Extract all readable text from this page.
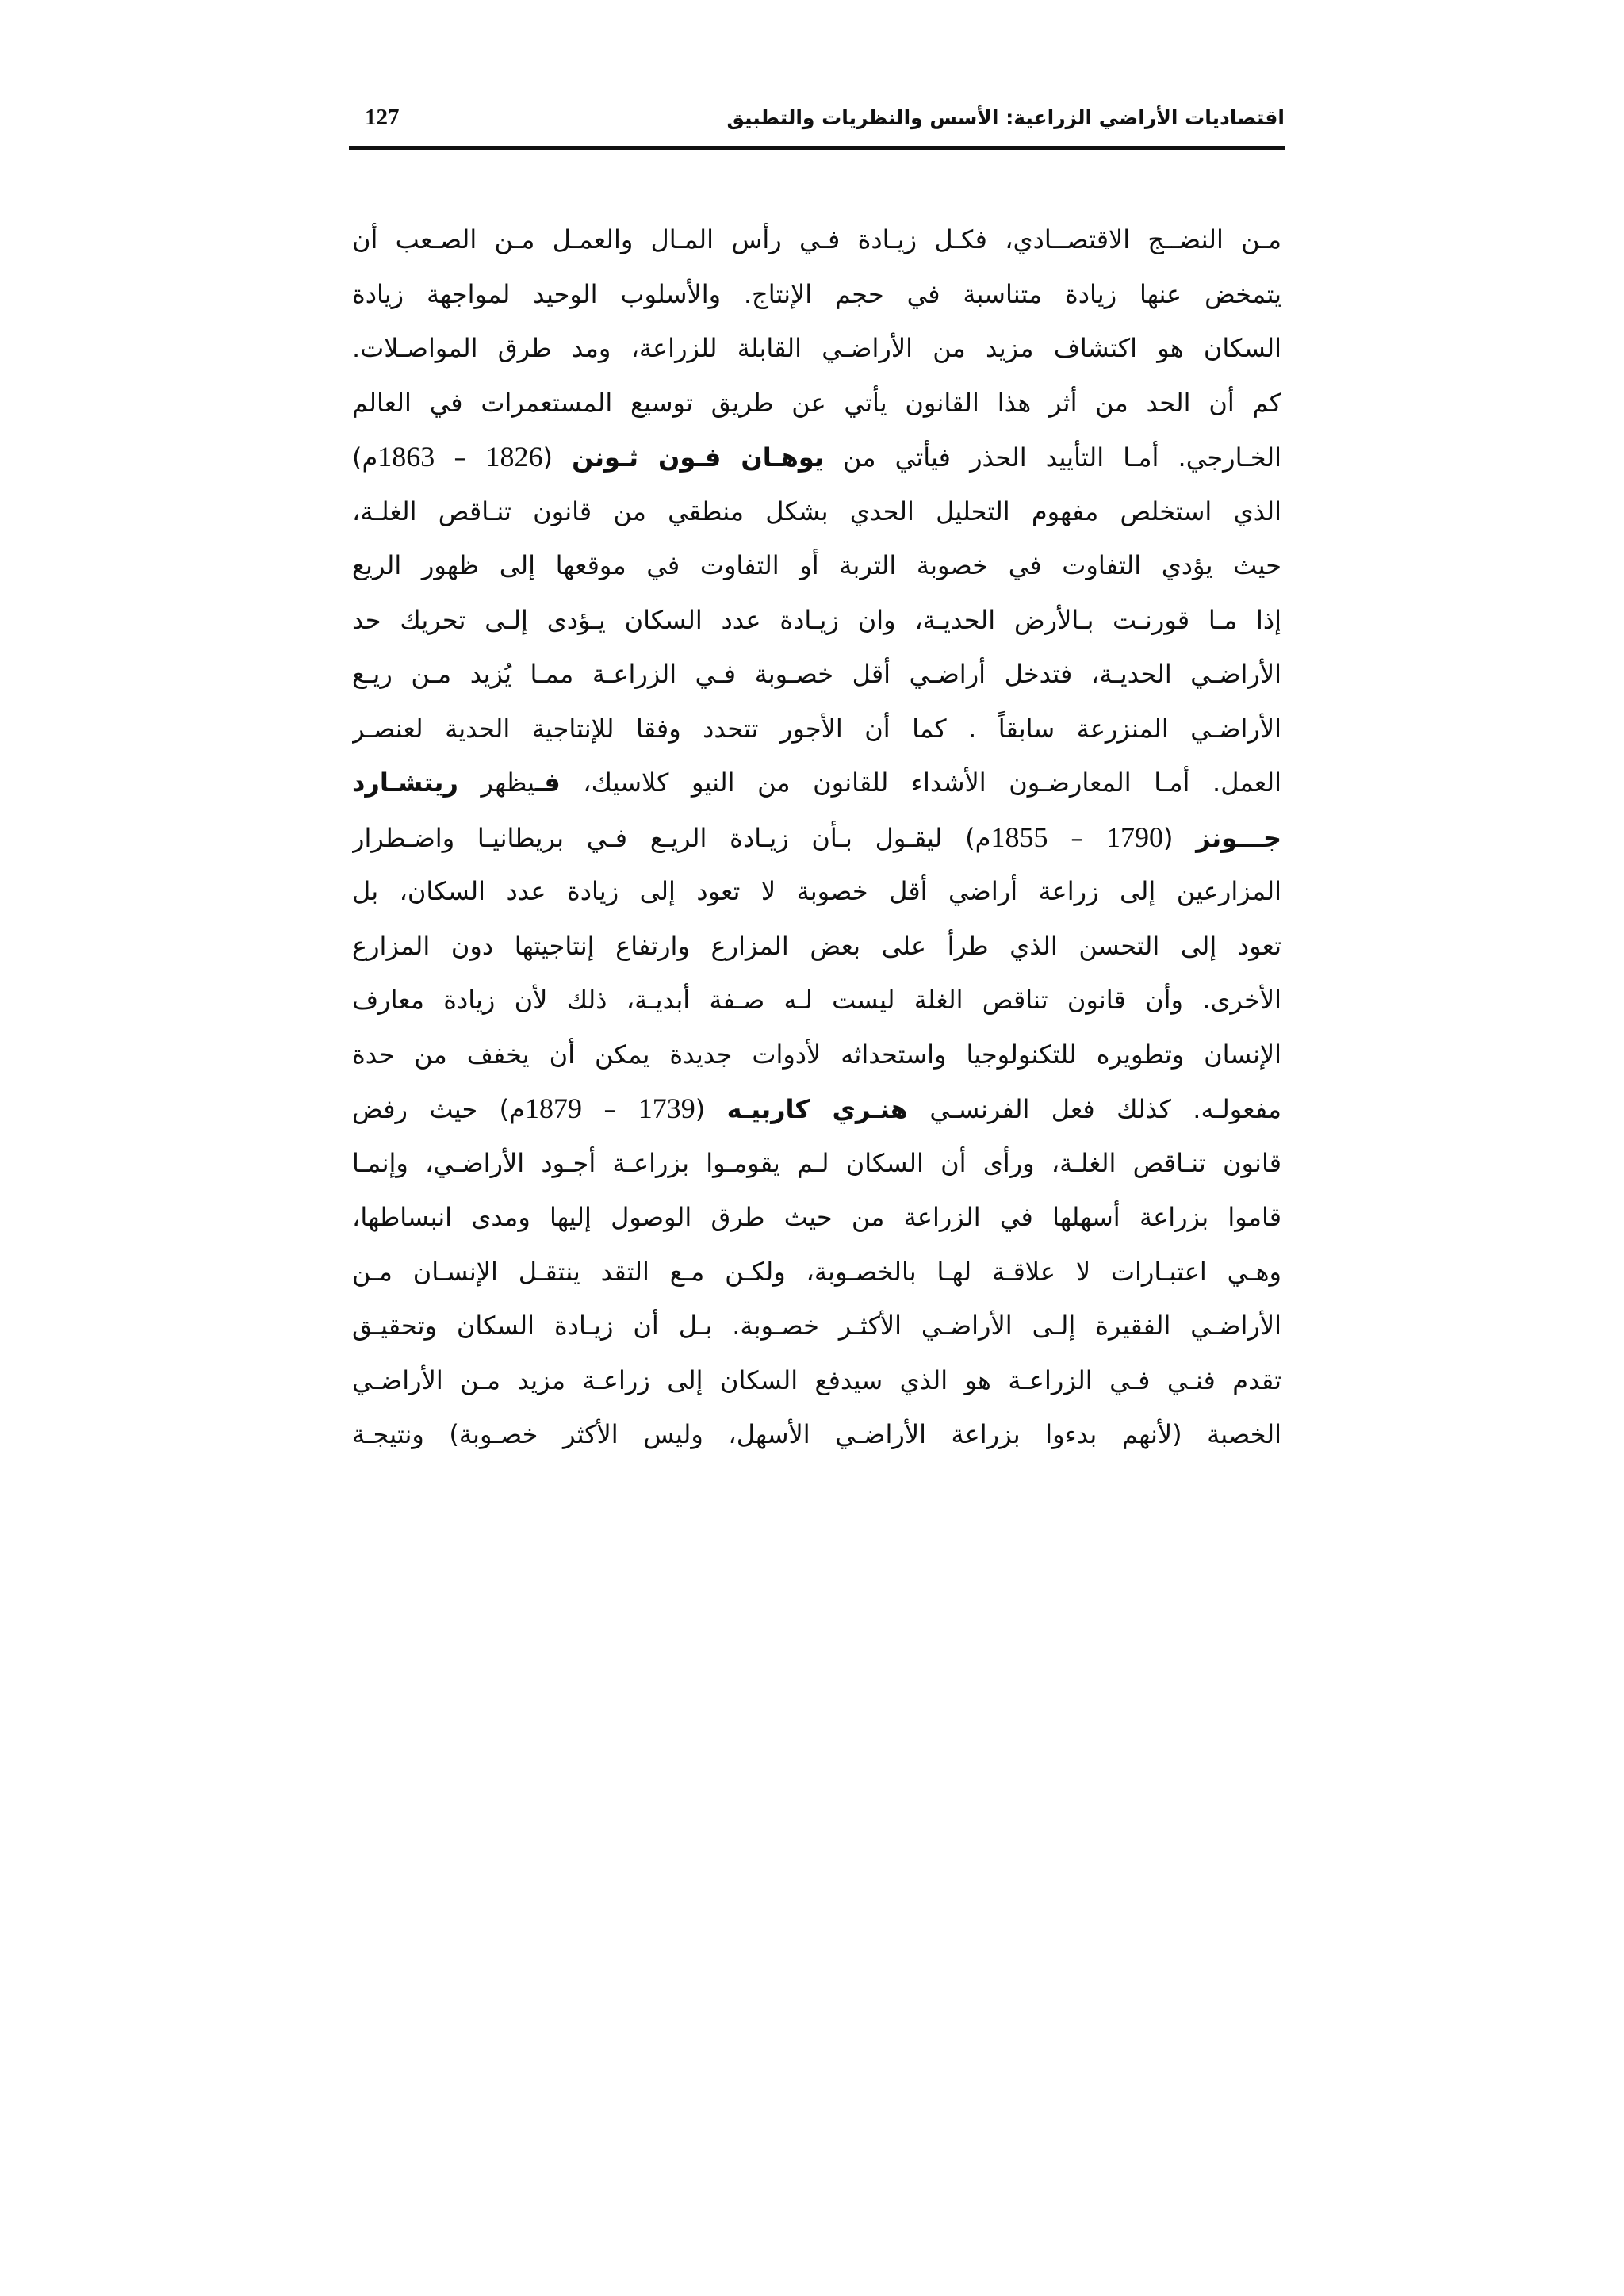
اقتصاديات الأراضي الزراعية: الأسس والنظريات والتطبيق
127
مـن النضــج الاقتصــادي، فكـل زيـادة فـي رأس المـال والعمـل مـن الصـعب أن
يتمخض عنها زيادة متناسبة في حجم الإنتاج. والأسلوب الوحيد لمواجهة زيادة
السكان هو اكتشاف مزيد من الأراضـي القابلة للزراعة، ومد طرق المواصـلات.
كم أن الحد من أثر هذا القانون يأتي عن طريق توسيع المستعمرات في العالم
الخـارجي. أمـا التأييد الحذر فيأتي من يوهـان فـون ثـونن (1826 – 1863م)
الذي استخلص مفهوم التحليل الحدي بشكل منطقي من قانون تنـاقص الغلـة،
حيث يؤدي التفاوت في خصوبة التربة أو التفاوت في موقعها إلى ظهور الريع
إذا مـا قورنـت بـالأرض الحديـة، وان زيـادة عدد السكان يـؤدى إلـى تحريك حد
الأراضـي الحديـة، فتدخل أراضـي أقل خصـوبة فـي الزراعـة ممـا يُزيد مـن ريـع
الأراضـي المنزرعة سابقاً . كما أن الأجور تتحدد وفقا للإنتاجية الحدية لعنصـر
العمل. أمـا المعارضـون الأشداء للقانون من النيو كلاسيك، فـيظهر ريتشـارد
جـــونز (1790 – 1855م) ليقـول بـأن زيـادة الريـع فـي بريطانيـا واضـطرار
المزارعين إلى زراعة أراضي أقل خصوبة لا تعود إلى زيادة عدد السكان، بل
تعود إلى التحسن الذي طرأ على بعض المزارع وارتفاع إنتاجيتها دون المزارع
الأخرى. وأن قانون تناقص الغلة ليست لـه صـفة أبديـة، ذلك لأن زيادة معارف
الإنسان وتطويره للتكنولوجيا واستحداثه لأدوات جديدة يمكن أن يخفف من حدة
مفعولـه. كذلك فعل الفرنسـي هنـري كاربيـه (1739 – 1879م) حيث رفض
قانون تنـاقص الغلـة، ورأى أن السكان لـم يقومـوا بزراعـة أجـود الأراضـي، وإنمـا
قاموا بزراعة أسهلها في الزراعة من حيث طرق الوصول إليها ومدى انبساطها،
وهـي اعتبـارات لا علاقـة لهـا بالخصـوبة، ولكـن مـع التقد ينتقـل الإنسـان مـن
الأراضـي الفقيرة إلـى الأراضـي الأكثـر خصـوبة. بـل أن زيـادة السكان وتحقيـق
تقدم فنـي فـي الزراعـة هو الذي سيدفع السكان إلى زراعـة مزيد مـن الأراضـي
الخصبة (لأنهم بدءوا بزراعة الأراضـي الأسهل، وليس الأكثر خصـوبة) ونتيجـة
